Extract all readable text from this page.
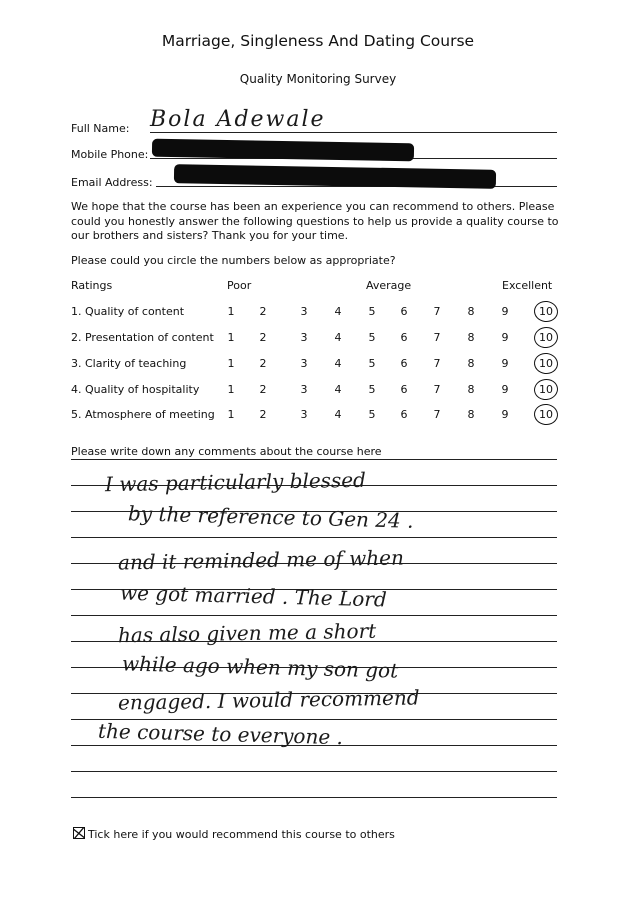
Marriage, Singleness And Dating Course
Quality Monitoring Survey
Full Name: Bola Adewale
Mobile Phone:
Email Address:
We hope that the course has been an experience you can recommend to others. Please could you honestly answer the following questions to help us provide a quality course to our brothers and sisters? Thank you for your time.
Please could you circle the numbers below as appropriate?
Ratings	Poor	Average	Excellent
1. Quality of content	1	2	3	4	5	6	7	8	9	10
2. Presentation of content	1	2	3	4	5	6	7	8	9	10
3. Clarity of teaching	1	2	3	4	5	6	7	8	9	10
4. Quality of hospitality	1	2	3	4	5	6	7	8	9	10
5. Atmosphere of meeting	1	2	3	4	5	6	7	8	9	10
Please write down any comments about the course here
I was particularly blessed
by the reference to Gen 24 .
and it reminded me of when
we got married . The Lord
has also given me a short
while ago when my son got
engaged. I would recommend
the course to everyone .
Tick here if you would recommend this course to others
